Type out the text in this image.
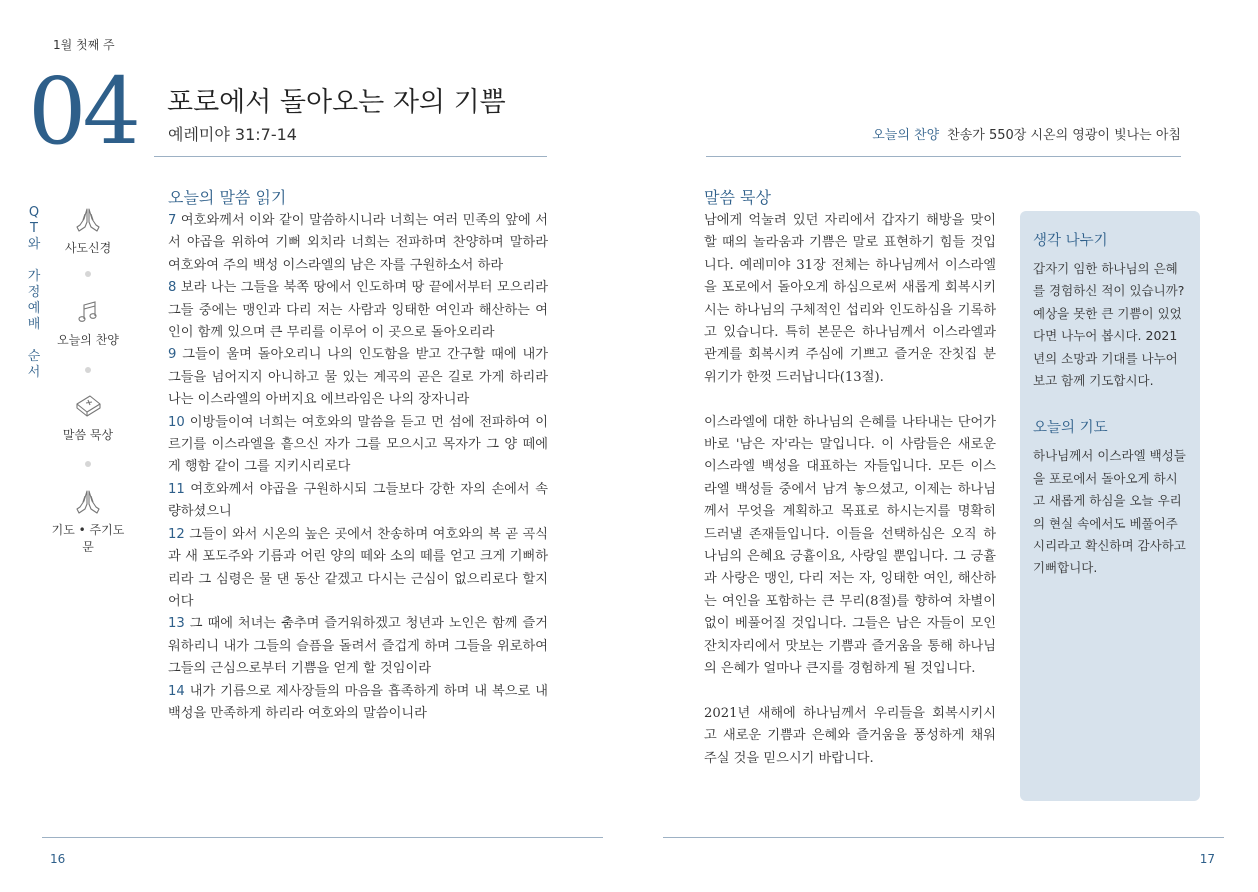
1월 첫째 주
04 포로에서 돌아오는 자의 기쁨
예레미야 31:7-14	오늘의 찬양 찬송가 550장 시온의 영광이 빛나는 아침
Q
T
와
가
정
예
배
순
서
사도신경
오늘의 찬양
말씀 묵상
기도 • 주기도문
오늘의 말씀 읽기
7 여호와께서 이와 같이 말씀하시니라 너희는 여러 민족의 앞에 서서 야곱을 위하여 기뻐 외치라 너희는 전파하며 찬양하며 말하라 여호와여 주의 백성 이스라엘의 남은 자를 구원하소서 하라
8 보라 나는 그들을 북쪽 땅에서 인도하며 땅 끝에서부터 모으리라 그들 중에는 맹인과 다리 저는 사람과 잉태한 여인과 해산하는 여인이 함께 있으며 큰 무리를 이루어 이 곳으로 돌아오리라
9 그들이 울며 돌아오리니 나의 인도함을 받고 간구할 때에 내가 그들을 넘어지지 아니하고 물 있는 계곡의 곧은 길로 가게 하리라 나는 이스라엘의 아버지요 에브라임은 나의 장자니라
10 이방들이여 너희는 여호와의 말씀을 듣고 먼 섬에 전파하여 이르기를 이스라엘을 흩으신 자가 그를 모으시고 목자가 그 양 떼에게 행함 같이 그를 지키시리로다
11 여호와께서 야곱을 구원하시되 그들보다 강한 자의 손에서 속량하셨으니
12 그들이 와서 시온의 높은 곳에서 찬송하며 여호와의 복 곧 곡식과 새 포도주와 기름과 어린 양의 떼와 소의 떼를 얻고 크게 기뻐하리라 그 심령은 물 댄 동산 같겠고 다시는 근심이 없으리로다 할지어다
13 그 때에 처녀는 춤추며 즐거워하겠고 청년과 노인은 함께 즐거워하리니 내가 그들의 슬픔을 돌려서 즐겁게 하며 그들을 위로하여 그들의 근심으로부터 기쁨을 얻게 할 것임이라
14 내가 기름으로 제사장들의 마음을 흡족하게 하며 내 복으로 내 백성을 만족하게 하리라 여호와의 말씀이니라
말씀 묵상

남에게 억눌려 있던 자리에서 갑자기 해방을 맞이할 때의 놀라움과 기쁨은 말로 표현하기 힘들 것입니다. 예레미야 31장 전체는 하나님께서 이스라엘을 포로에서 돌아오게 하심으로써 새롭게 회복시키시는 하나님의 구체적인 섭리와 인도하심을 기록하고 있습니다. 특히 본문은 하나님께서 이스라엘과 관계를 회복시켜 주심에 기쁘고 즐거운 잔칫집 분위기가 한껏 드러납니다(13절).

이스라엘에 대한 하나님의 은혜를 나타내는 단어가 바로 '남은 자'라는 말입니다. 이 사람들은 새로운 이스라엘 백성을 대표하는 자들입니다. 모든 이스라엘 백성들 중에서 남겨 놓으셨고, 이제는 하나님께서 무엇을 계획하고 목표로 하시는지를 명확히 드러낼 존재들입니다. 이들을 선택하심은 오직 하나님의 은혜요 긍휼이요, 사랑일 뿐입니다. 그 긍휼과 사랑은 맹인, 다리 저는 자, 잉태한 여인, 해산하는 여인을 포함하는 큰 무리(8절)를 향하여 차별이 없이 베풀어질 것입니다. 그들은 남은 자들이 모인 잔치자리에서 맛보는 기쁨과 즐거움을 통해 하나님의 은혜가 얼마나 큰지를 경험하게 될 것입니다.

2021년 새해에 하나님께서 우리들을 회복시키시고 새로운 기쁨과 은혜와 즐거움을 풍성하게 채워주실 것을 믿으시기 바랍니다.

생각 나누기

갑자기 임한 하나님의 은혜를 경험하신 적이 있습니까? 예상을 못한 큰 기쁨이 있었다면 나누어 봅시다. 2021년의 소망과 기대를 나누어 보고 함께 기도합시다.

오늘의 기도

하나님께서 이스라엘 백성들을 포로에서 돌아오게 하시고 새롭게 하심을 오늘 우리의 현실 속에서도 베풀어주시리라고 확신하며 감사하고 기뻐합니다.

16	17
